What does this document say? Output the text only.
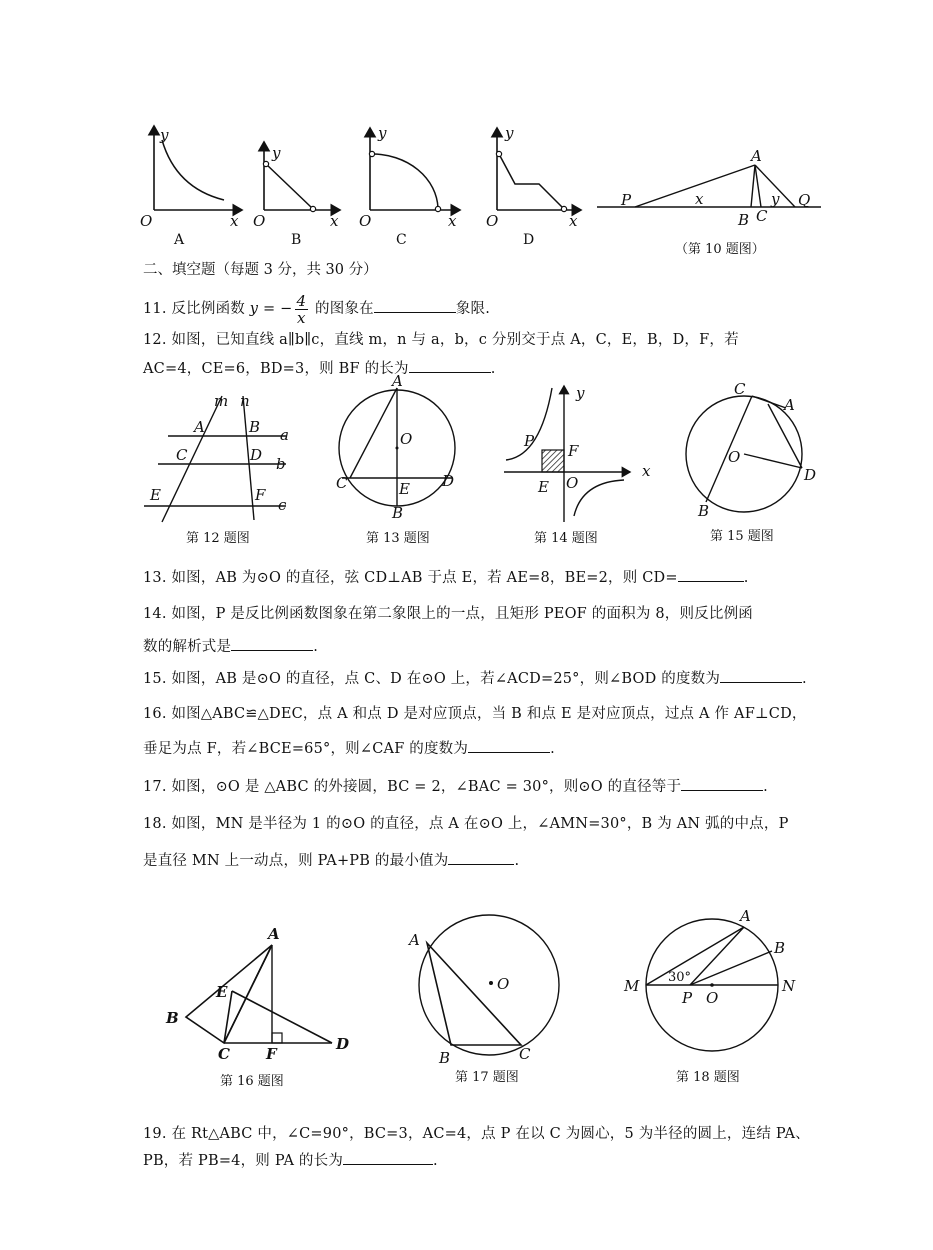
y
O	x
A
y
O	x
B
y
O	x
C
y
O	x
D
A
P	x	y
B C
Q
（第 10 题图）
二、填空题（每题 3 分，共 30 分）
11. 反比例函数 y = − $\frac{4}{x}$ 的图象在	象限.
12. 如图，已知直线 a∥b∥c，直线 m，n 与 a，b，c 分别交于点 A，C，E，B，D，F，若
AC=4，CE=6，BD=3，则 BF 的长为	.
m n
A	B a
C	D b
E	F
c
第 12 题图
A
O
C	E D
B
第 13 题图
y
P
F
x
E O
第 14 题图
C
A
O
D
B
第 15 题图
13. 如图，AB 为⊙O 的直径，弦 CD⊥AB 于点 E，若 AE=8，BE=2，则 CD=	.
14. 如图，P 是反比例函数图象在第二象限上的一点，且矩形 PEOF 的面积为 8，则反比例函
数的解析式是	.
15. 如图，AB 是⊙O 的直径，点 C、D 在⊙O 上，若∠ACD=25°，则∠BOD 的度数为	.
16. 如图△ABC≌△DEC，点 A 和点 D 是对应顶点，当 B 和点 E 是对应顶点，过点 A 作 AF⊥CD，
垂足为点 F，若∠BCE=65°，则∠CAF 的度数为	.
17. 如图，⊙O 是 △ABC 的外接圆，BC = 2，∠BAC = 30°，则⊙O 的直径等于	.
18. 如图，MN 是半径为 1 的⊙O 的直径，点 A 在⊙O 上，∠AMN=30°，B 为 AN 弧的中点，P
是直径 MN 上一动点，则 PA+PB 的最小值为	.
A
E
B
C F
D
第 16 题图
A
O
B	C
第 17 题图
A
B
M 30°
P O
N
第 18 题图
19. 在 Rt△ABC 中，∠C=90°，BC=3，AC=4，点 P 在以 C 为圆心，5 为半径的圆上，连结 PA、
PB，若 PB=4，则 PA 的长为	.
